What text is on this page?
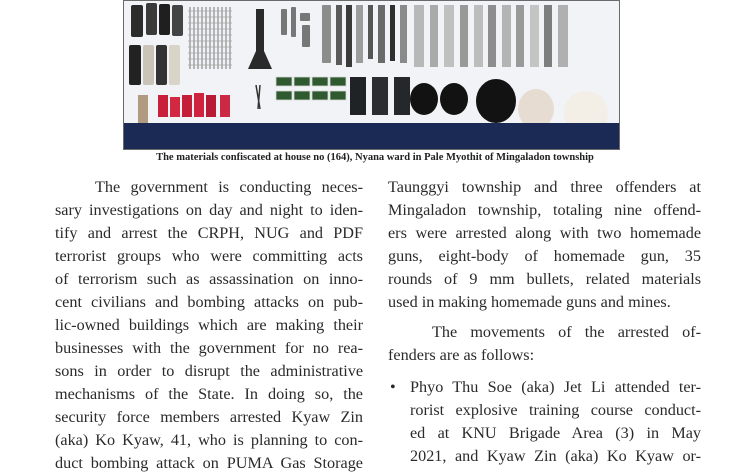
The materials confiscated at house no (164), Nyana ward in Pale Myothit of Mingaladon township

The government is conducting neces-
sary investigations on day and night to iden-
tify and arrest the CRPH, NUG and PDF
terrorist groups who were committing acts
of terrorism such as assassination on inno-
cent civilians and bombing attacks on pub-
lic-owned buildings which are making their
businesses with the government for no rea-
sons in order to disrupt the administrative
mechanisms of the State. In doing so, the
security force members arrested Kyaw Zin
(aka) Ko Kyaw, 41, who is planning to con-
duct bombing attack on PUMA Gas Storage

Taunggyi township and three offenders at
Mingaladon township, totaling nine offend-
ers were arrested along with two homemade
guns, eight-body of homemade gun, 35
rounds of 9 mm bullets, related materials
used in making homemade guns and mines.

The movements of the arrested of-
fenders are as follows:

• Phyo Thu Soe (aka) Jet Li attended ter-
rorist explosive training course conduct-
ed at KNU Brigade Area (3) in May
2021, and Kyaw Zin (aka) Ko Kyaw or-
